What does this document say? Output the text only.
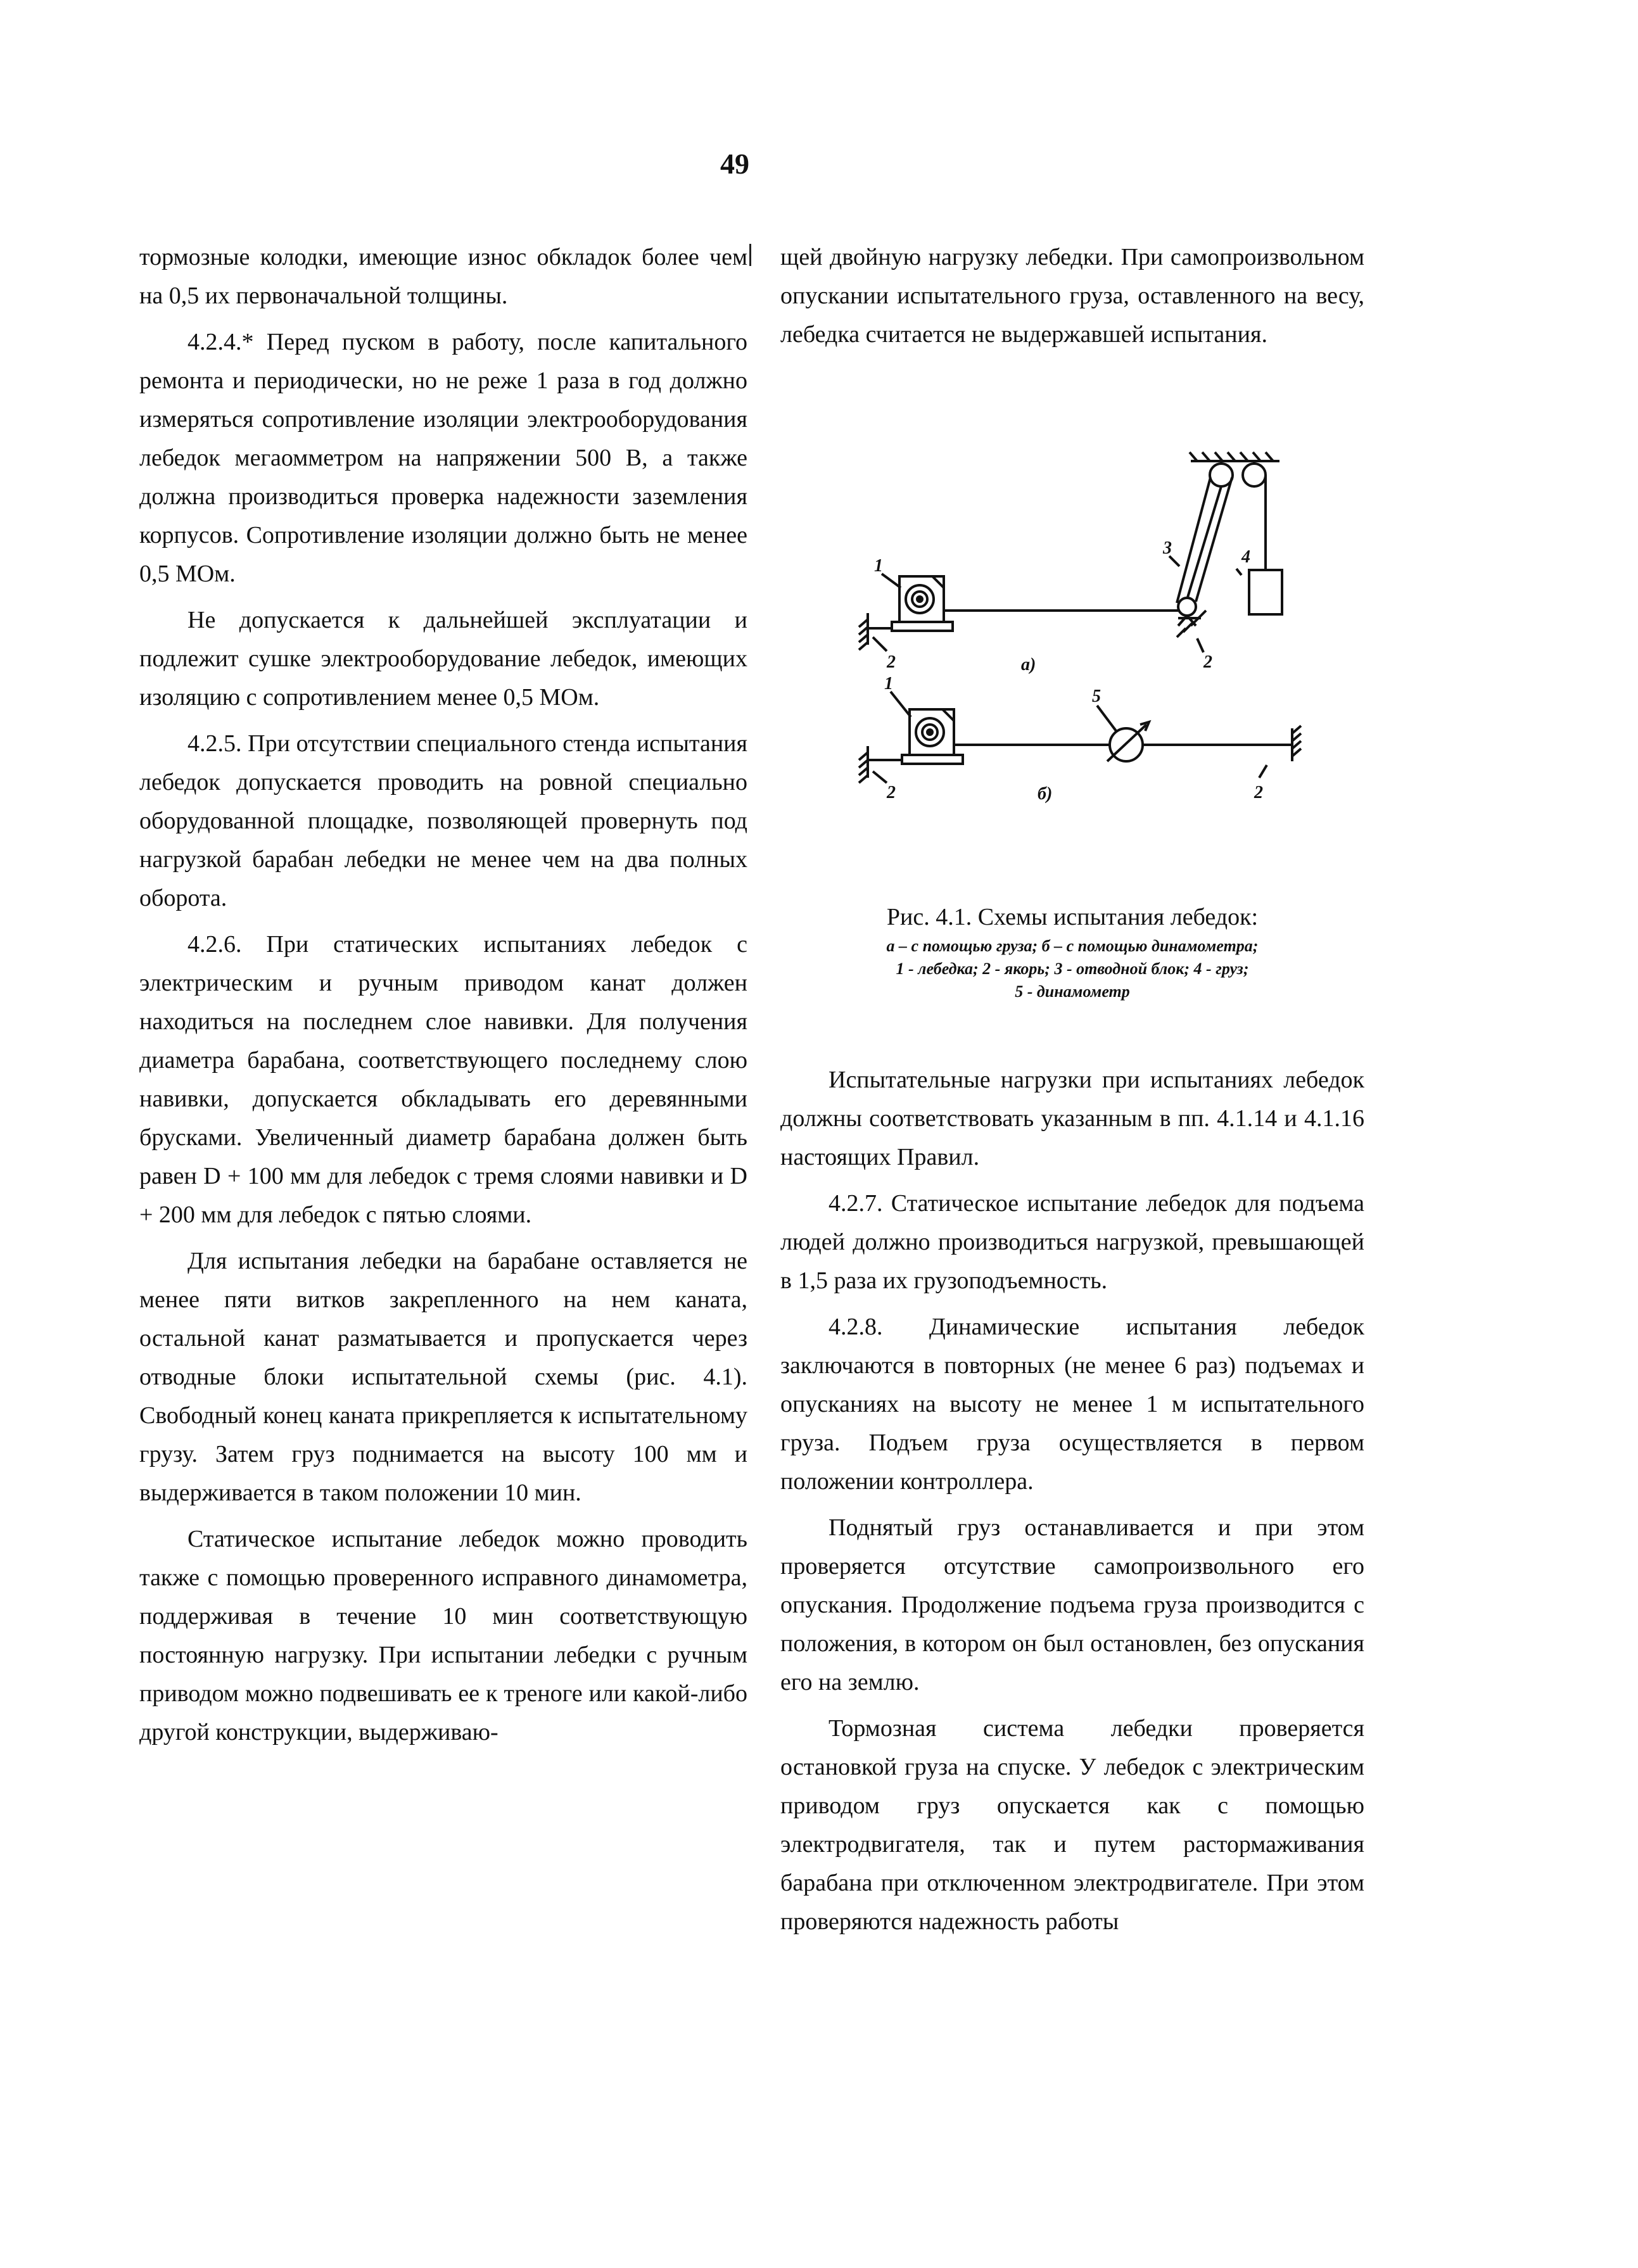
49

тормозные колодки, имеющие износ обкладок более чем на 0,5 их первоначальной толщины.

4.2.4.* Перед пуском в работу, после капитального ремонта и периодически, но не реже 1 раза в год должно измеряться сопротивление изоляции электрооборудования лебедок мегаомметром на напряжении 500 В, а также должна производиться проверка надежности заземления корпусов. Сопротивление изоляции должно быть не менее 0,5 МОм.

Не допускается к дальнейшей эксплуатации и подлежит сушке электрооборудование лебедок, имеющих изоляцию с сопротивлением менее 0,5 МОм.

4.2.5. При отсутствии специального стенда испытания лебедок допускается проводить на ровной специально оборудованной площадке, позволяющей провернуть под нагрузкой барабан лебедки не менее чем на два полных оборота.

4.2.6. При статических испытаниях лебедок с электрическим и ручным приводом канат должен находиться на последнем слое навивки. Для получения диаметра барабана, соответствующего последнему слою навивки, допускается обкладывать его деревянными брусками. Увеличенный диаметр барабана должен быть равен D + 100 мм для лебедок с тремя слоями навивки и D + 200 мм для лебедок с пятью слоями.

Для испытания лебедки на барабане оставляется не менее пяти витков закрепленного на нем каната, остальной канат разматывается и пропускается через отводные блоки испытательной схемы (рис. 4.1). Свободный конец каната прикрепляется к испытательному грузу. Затем груз поднимается на высоту 100 мм и выдерживается в таком положении 10 мин.

Статическое испытание лебедок можно проводить также с помощью проверенного исправного динамометра, поддерживая в течение 10 мин соответствующую постоянную нагрузку. При испытании лебедки с ручным приводом можно подвешивать ее к треноге или какой-либо другой конструкции, выдерживаю-

щей двойную нагрузку лебедки. При самопроизвольном опускании испытательного груза, оставленного на весу, лебедка считается не выдержавшей испытания.

1
2
3	4
2
a)
1
2
5
б)	2
Рис. 4.1. Схемы испытания лебедок:
а – с помощью груза; б – с помощью динамометра;
1 - лебедка; 2 - якорь; 3 - отводной блок; 4 - груз;
5 - динамометр

Испытательные нагрузки при испытаниях лебедок должны соответствовать указанным в пп. 4.1.14 и 4.1.16 настоящих Правил.

4.2.7. Статическое испытание лебедок для подъема людей должно производиться нагрузкой, превышающей в 1,5 раза их грузоподъемность.

4.2.8. Динамические испытания лебедок заключаются в повторных (не менее 6 раз) подъемах и опусканиях на высоту не менее 1 м испытательного груза. Подъем груза осуществляется в первом положении контроллера.

Поднятый груз останавливается и при этом проверяется отсутствие самопроизвольного его опускания. Продолжение подъема груза производится с положения, в котором он был остановлен, без опускания его на землю.

Тормозная система лебедки проверяется остановкой груза на спуске. У лебедок с электрическим приводом груз опускается как с помощью электродвигателя, так и путем растормаживания барабана при отключенном электродвигателе. При этом проверяются надежность работы
